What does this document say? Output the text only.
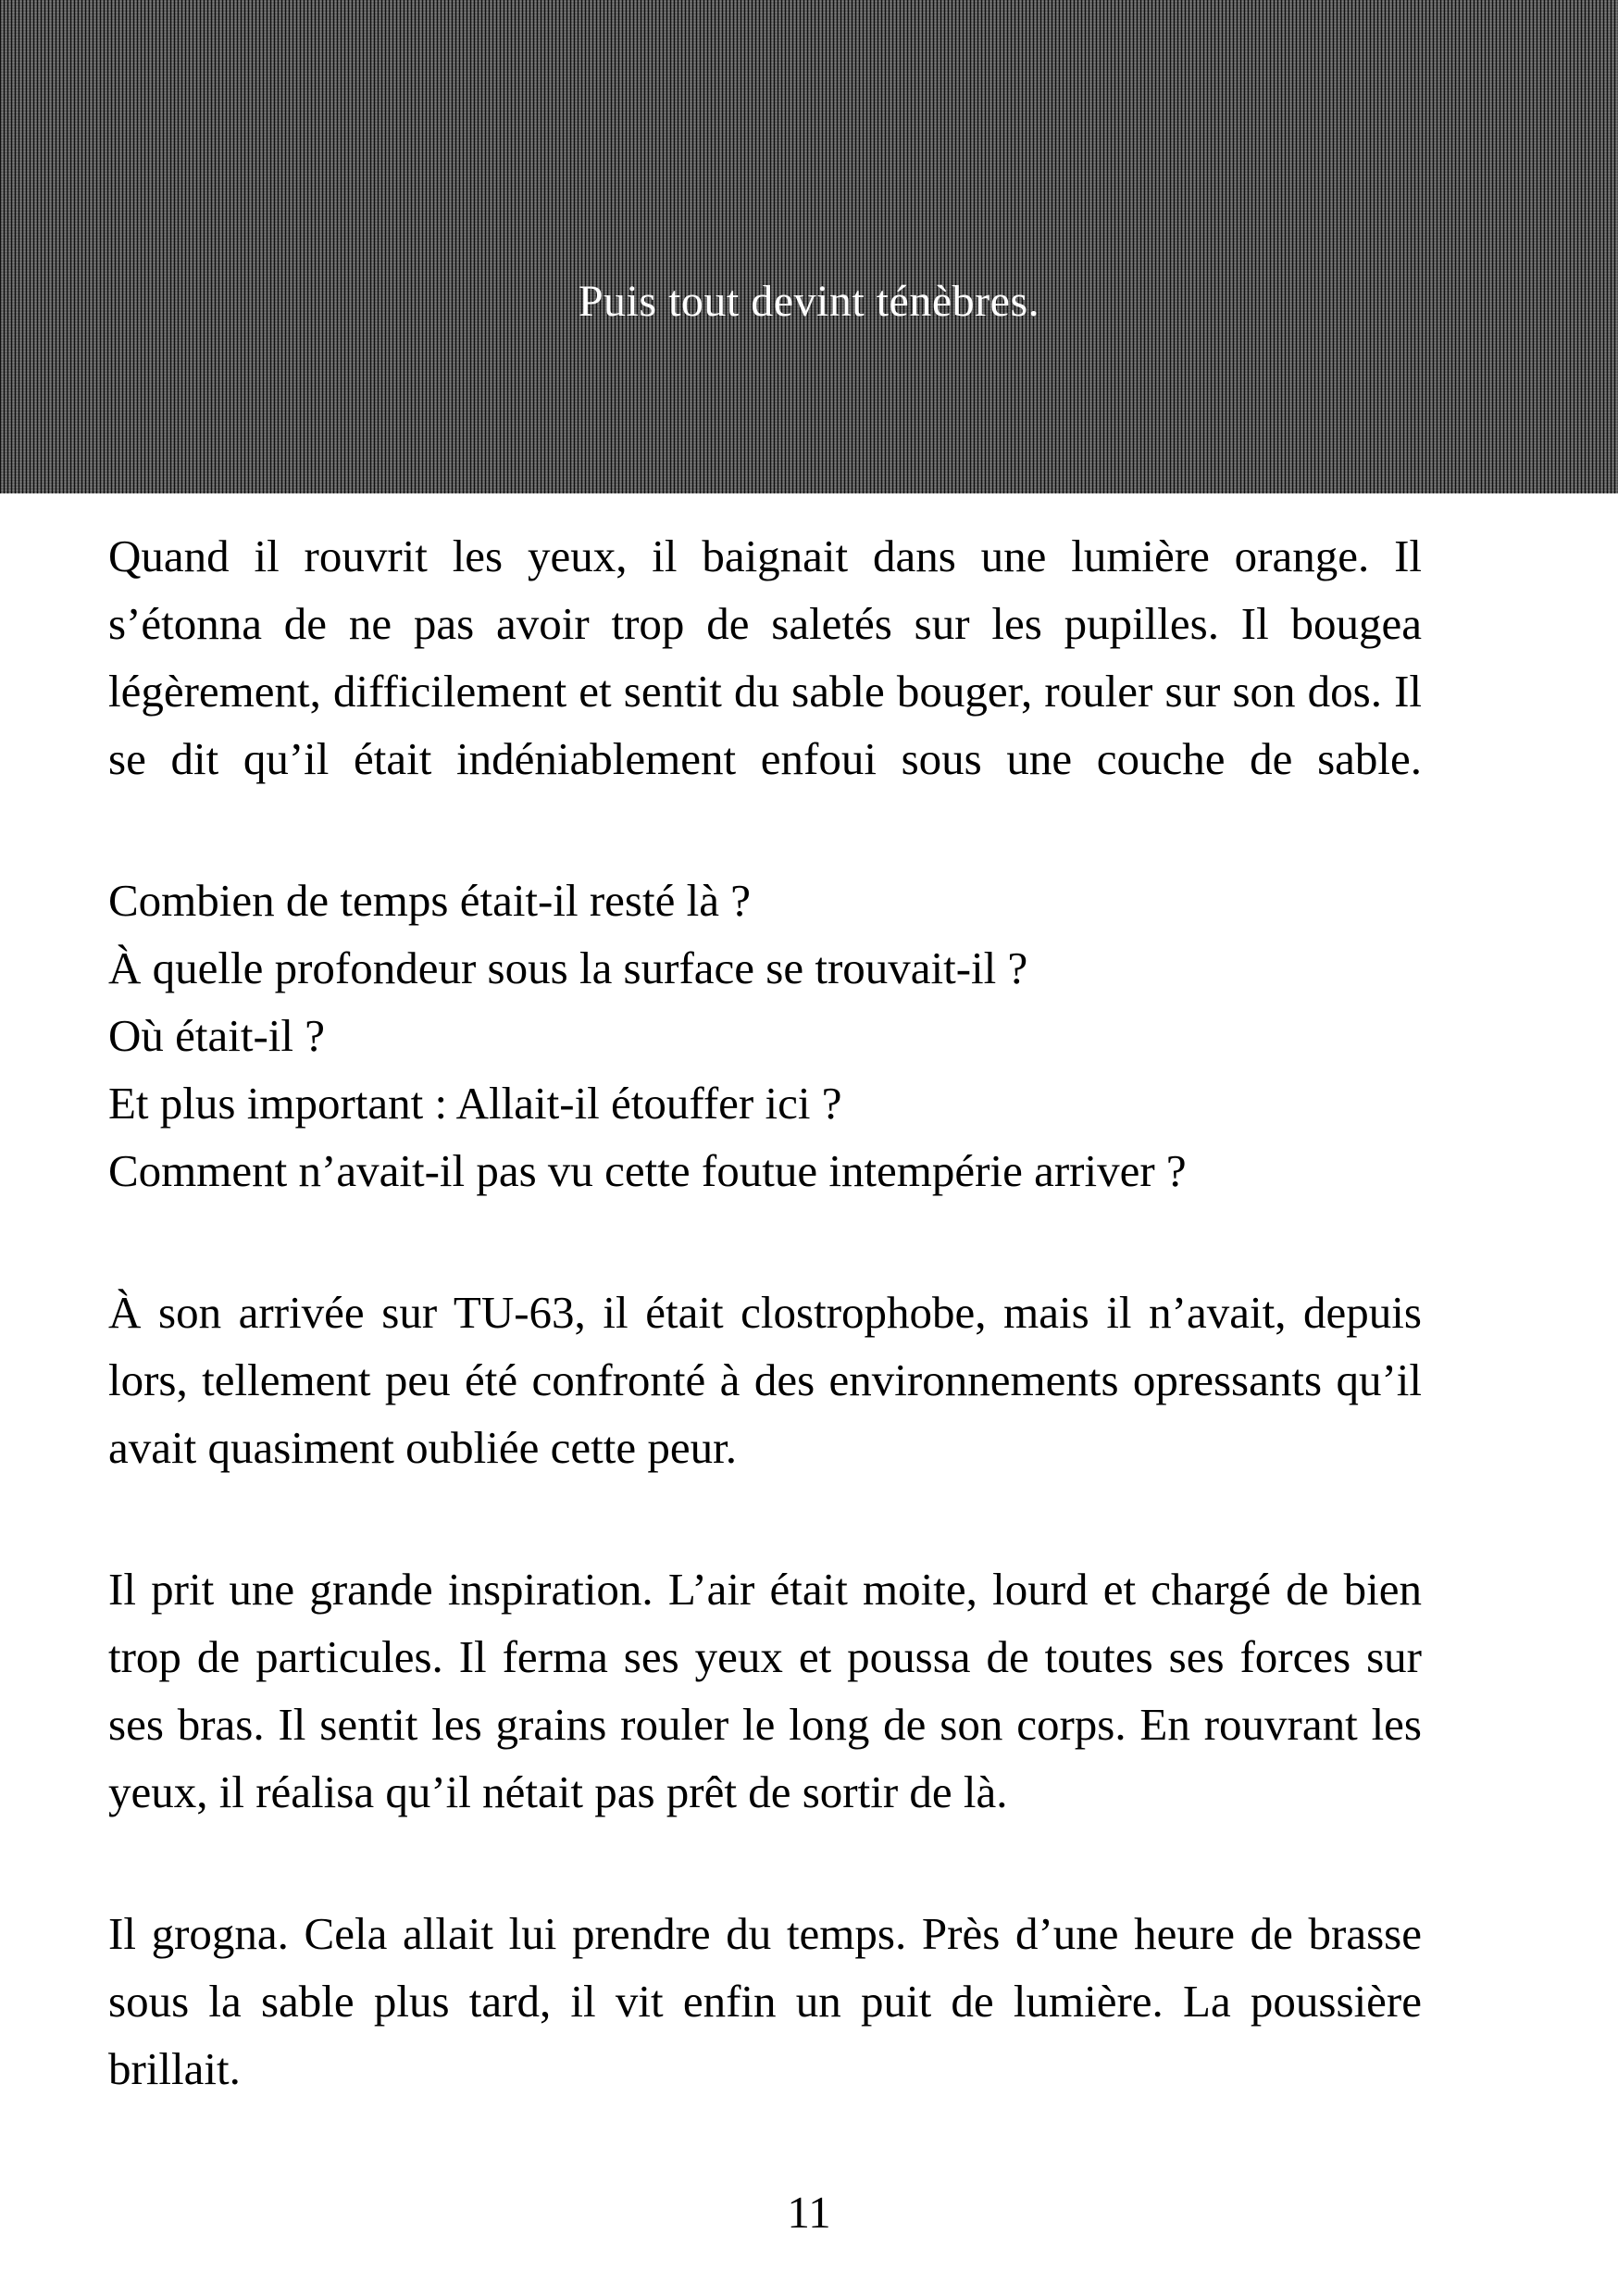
Puis tout devint ténèbres.

Quand il rouvrit les yeux, il baignait dans une lumière orange. Il s’étonna de ne pas avoir trop de saletés sur les pupilles. Il bougea légèrement, difficilement et sentit du sable bouger, rouler sur son dos. Il se dit qu’il était indéniablement enfoui sous une couche de sable.

Combien de temps était-il resté là ?
À quelle profondeur sous la surface se trouvait-il ?
Où était-il ?
Et plus important : Allait-il étouffer ici ?
Comment n’avait-il pas vu cette foutue intempérie arriver ?

À son arrivée sur TU-63, il était clostrophobe, mais il n’avait, depuis lors, tellement peu été confronté à des environnements opressants qu’il avait quasiment oubliée cette peur.

Il prit une grande inspiration. L’air était moite, lourd et chargé de bien trop de particules. Il ferma ses yeux et poussa de toutes ses forces sur ses bras. Il sentit les grains rouler le long de son corps. En rouvrant les yeux, il réalisa qu’il nétait pas prêt de sortir de là.

Il grogna. Cela allait lui prendre du temps. Près d’une heure de brasse sous la sable plus tard, il vit enfin un puit de lumière. La poussière brillait.

11
